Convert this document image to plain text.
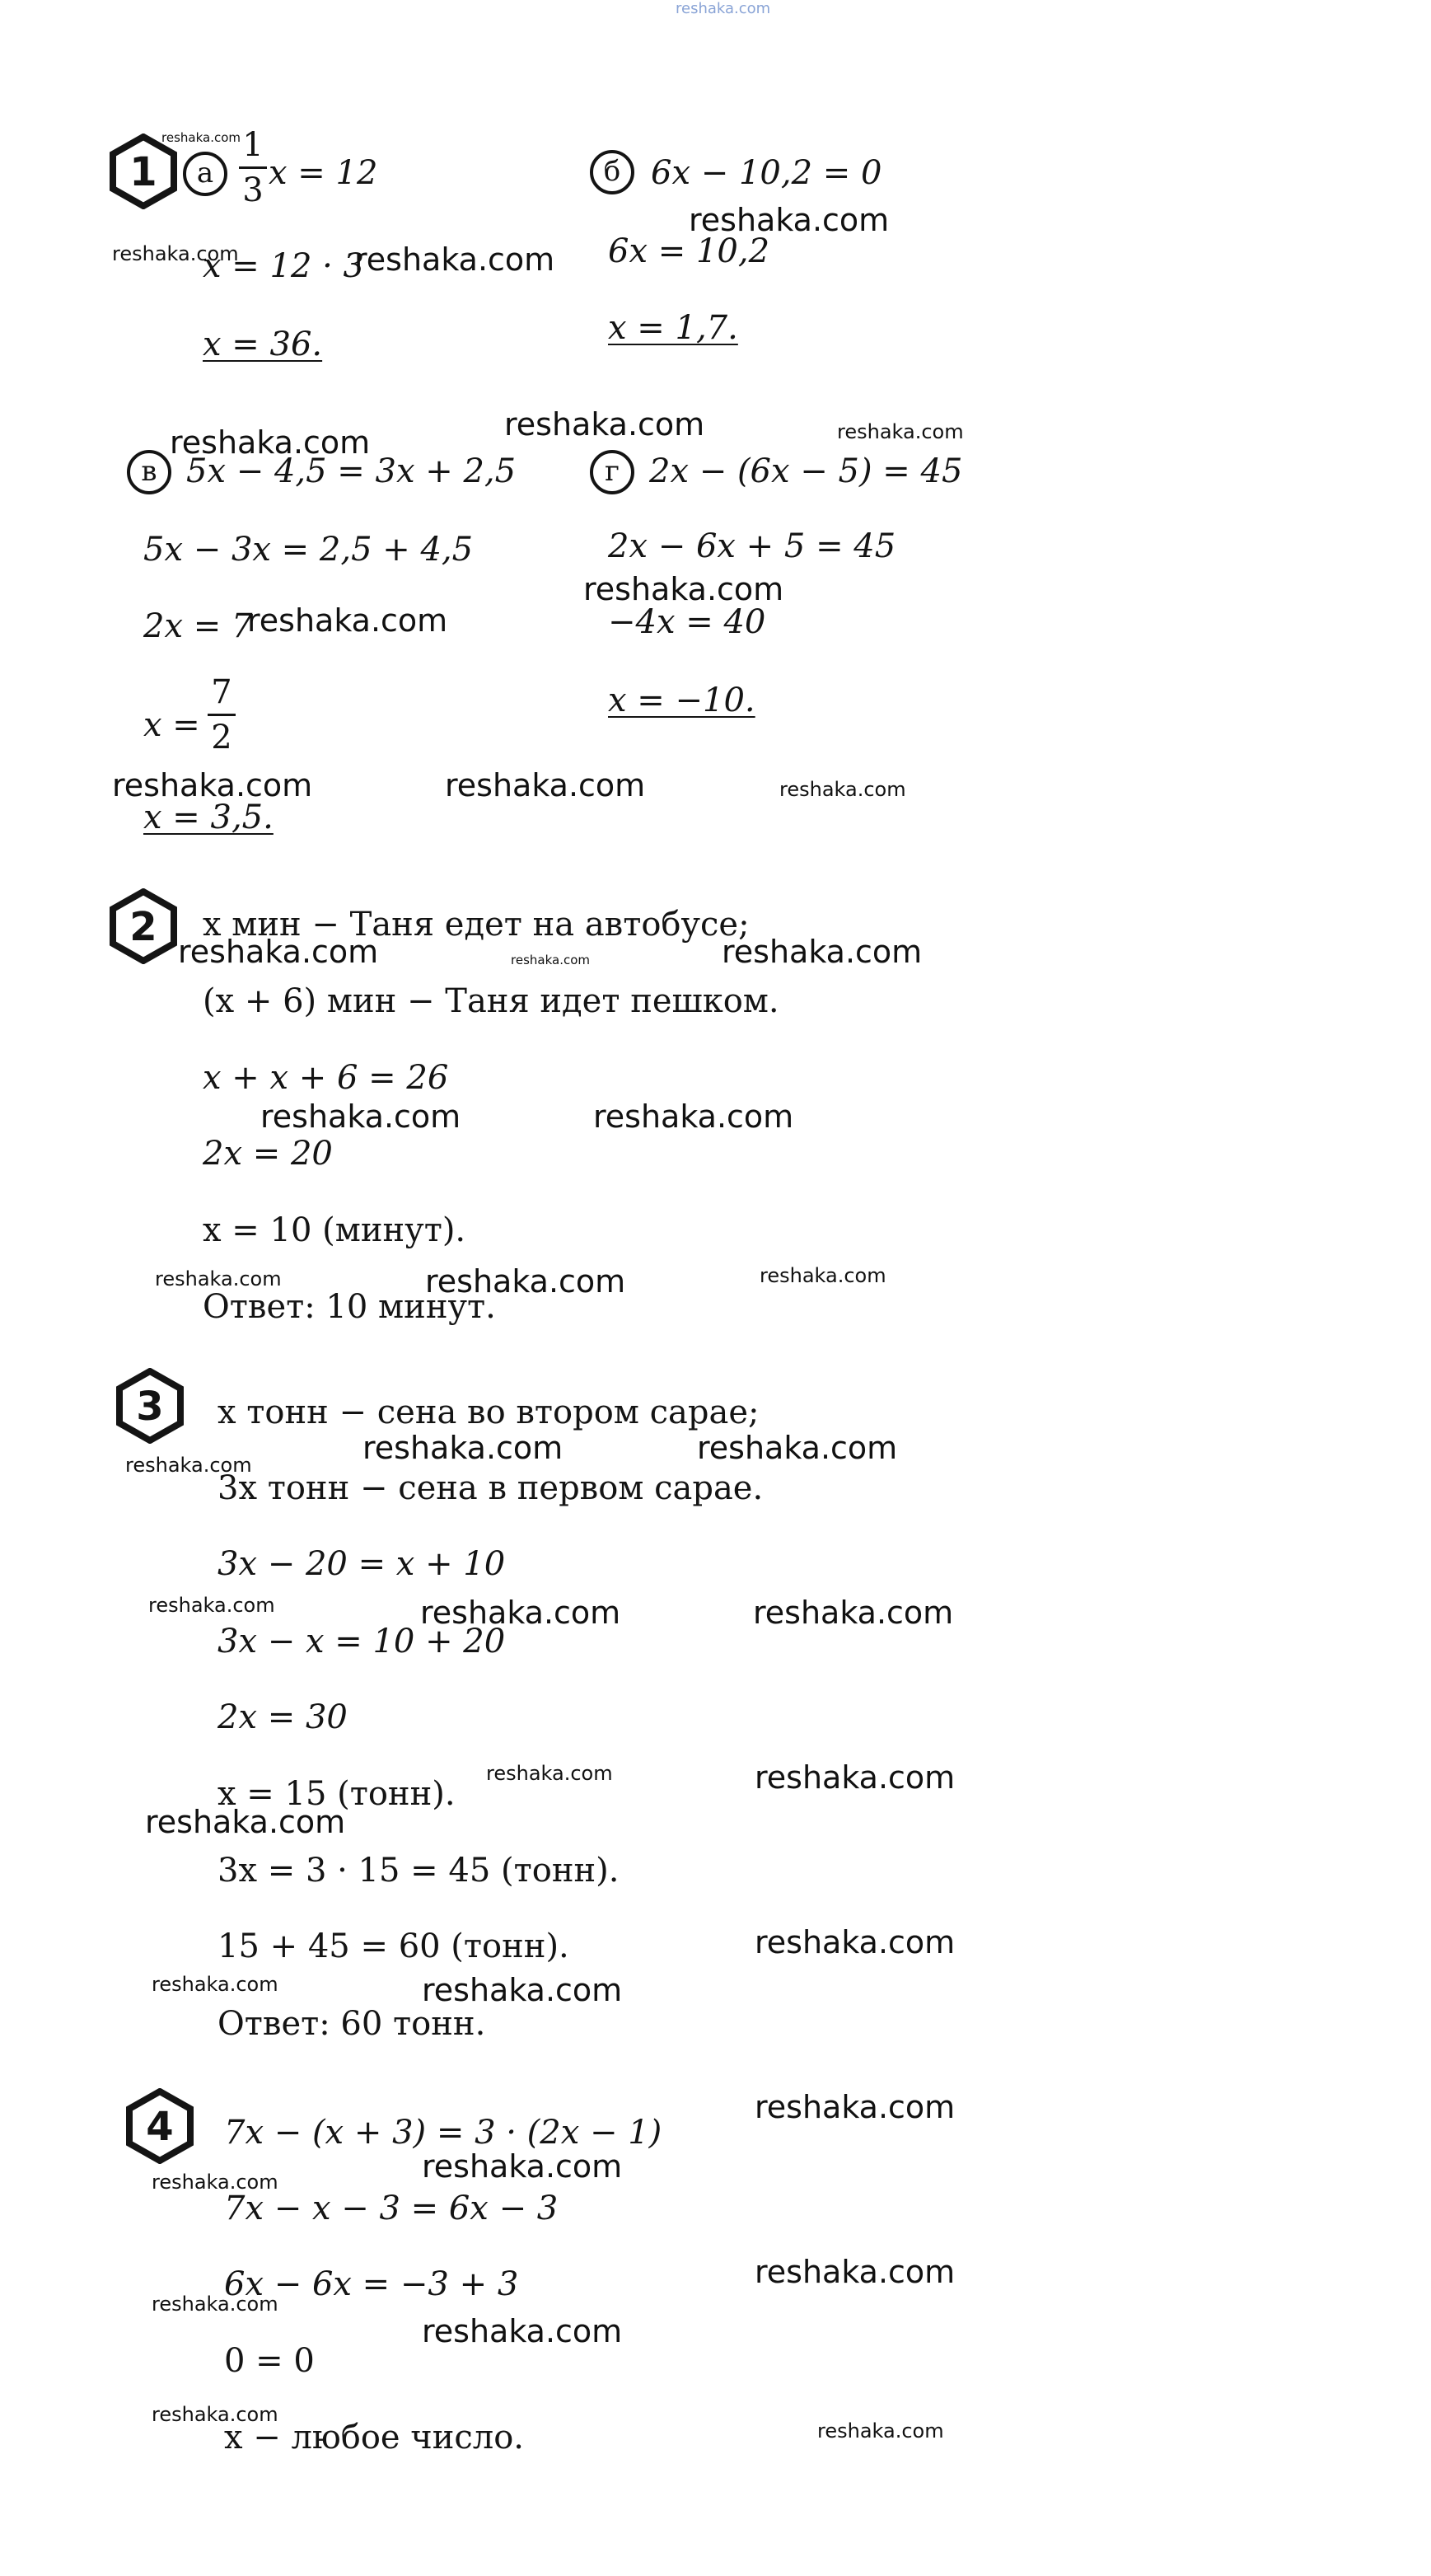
reshaka.com
1	а
1
3 x = 12
x = 12 · 3
x = 36.
б 6x − 10,2 = 0
6x = 10,2
x = 1,7.
в 5x − 4,5 = 3x + 2,5
5x − 3x = 2,5 + 4,5
2x = 7
x =
7
2
x = 3,5.
г 2x − (6x − 5) = 45
2x − 6x + 5 = 45
−4x = 40
x = −10.
2 x мин − Таня едет на автобусе;
(x + 6) мин − Таня идет пешком.
x + x + 6 = 26
2x = 20
x = 10 (минут).
Ответ: 10 минут.
3 x тонн − сена во втором сарае;
3x тонн − сена в первом сарае.
3x − 20 = x + 10
3x − x = 10 + 20
2x = 30
x = 15 (тонн).
3x = 3 · 15 = 45 (тонн).
15 + 45 = 60 (тонн).
Ответ: 60 тонн.
4 7x − (x + 3) = 3 · (2x − 1)
7x − x − 3 = 6x − 3
6x − 6x = −3 + 3
0 = 0
x − любое число.
reshaka.com
reshaka.com	reshaka.com
reshaka.com
reshaka.com	reshaka.com
reshaka.com
reshaka.com
reshaka.com
reshaka.com	reshaka.com	reshaka.com
reshaka.com	reshaka.com	reshaka.com
reshaka.com	reshaka.com
reshaka.com	reshaka.com	reshaka.com
reshaka.com	reshaka.com	reshaka.com
reshaka.com	reshaka.com	reshaka.com
reshaka.com	reshaka.com
reshaka.com
reshaka.com
reshaka.com	reshaka.com
reshaka.com
reshaka.com
reshaka.com
reshaka.com
reshaka.com
reshaka.com
reshaka.com
reshaka.com
